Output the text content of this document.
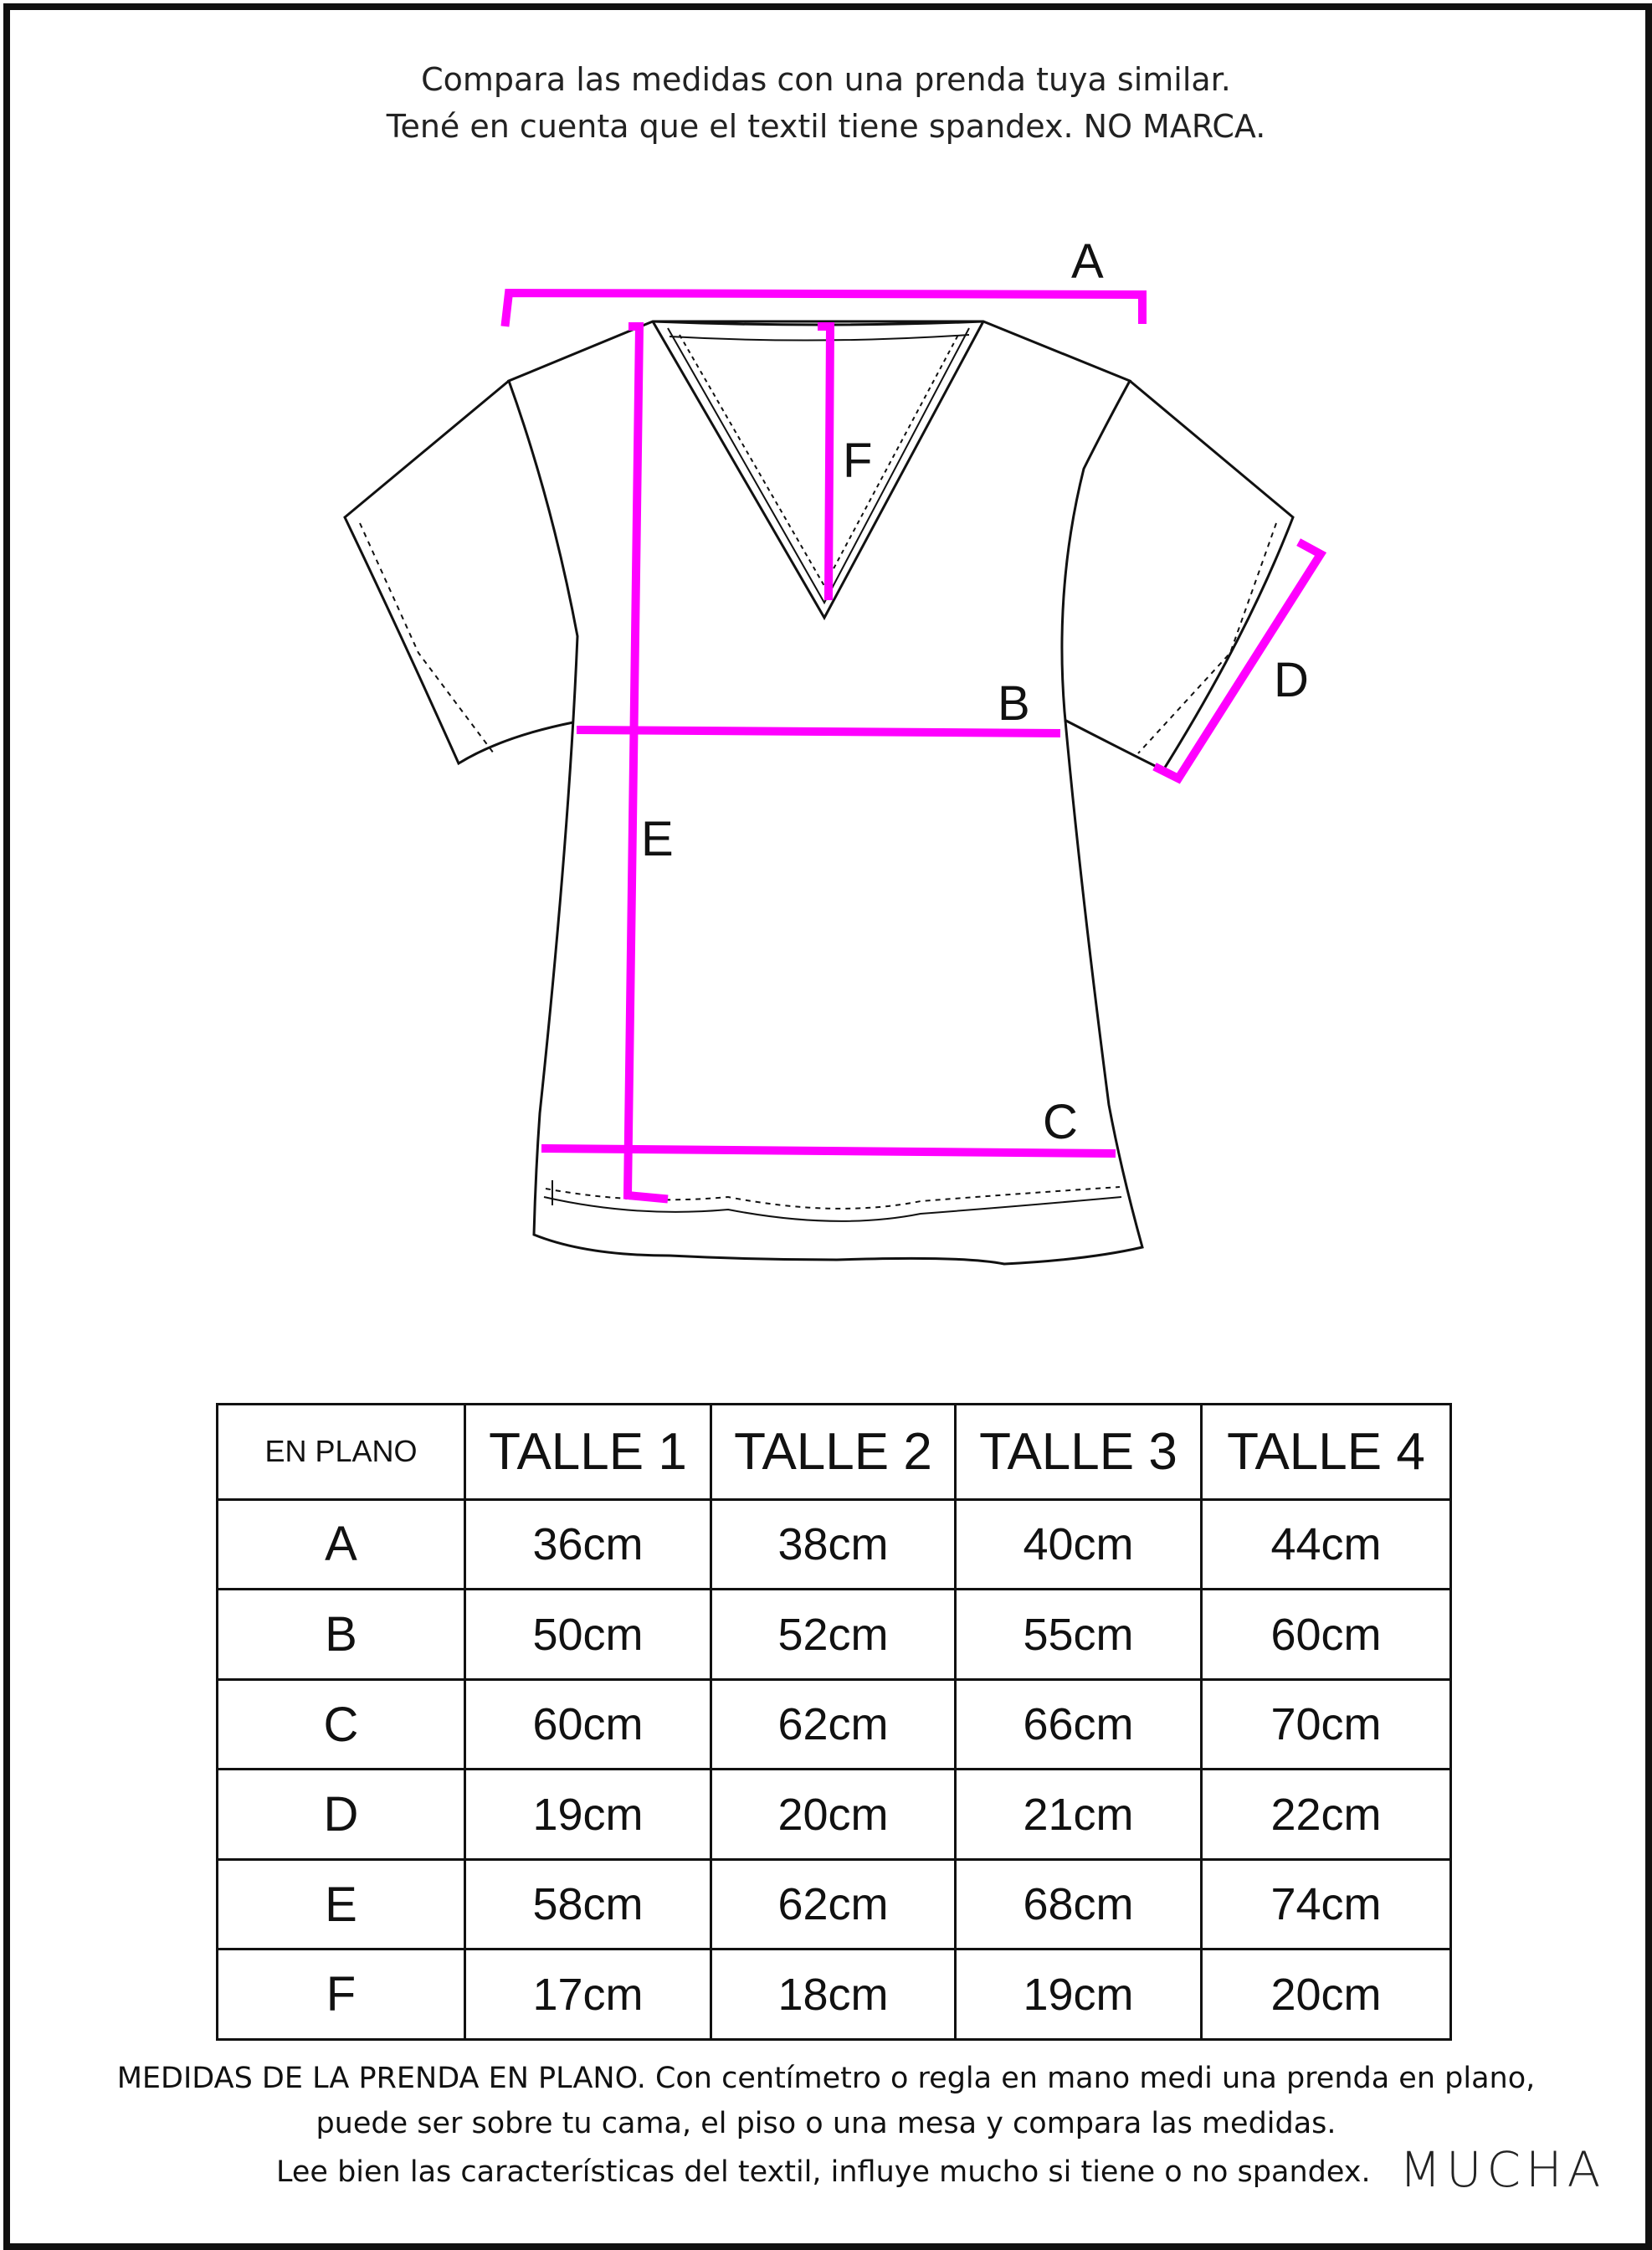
Compara las medidas con una prenda tuya similar.
Tené en cuenta que el textil tiene spandex. NO MARCA.
A
F
B	D
E
C
EN PLANO	TALLE 1	TALLE 2	TALLE 3	TALLE 4
A	36cm	38cm	40cm	44cm
B	50cm	52cm	55cm	60cm
C	60cm	62cm	66cm	70cm
D	19cm	20cm	21cm	22cm
E	58cm	62cm	68cm	74cm
F	17cm	18cm	19cm	20cm
MEDIDAS DE LA PRENDA EN PLANO. Con centímetro o regla en mano medi una prenda en plano,
puede ser sobre tu cama, el piso o una mesa y compara las medidas.
Lee bien las características del textil, influye mucho si tiene o no spandex. MUCHA
